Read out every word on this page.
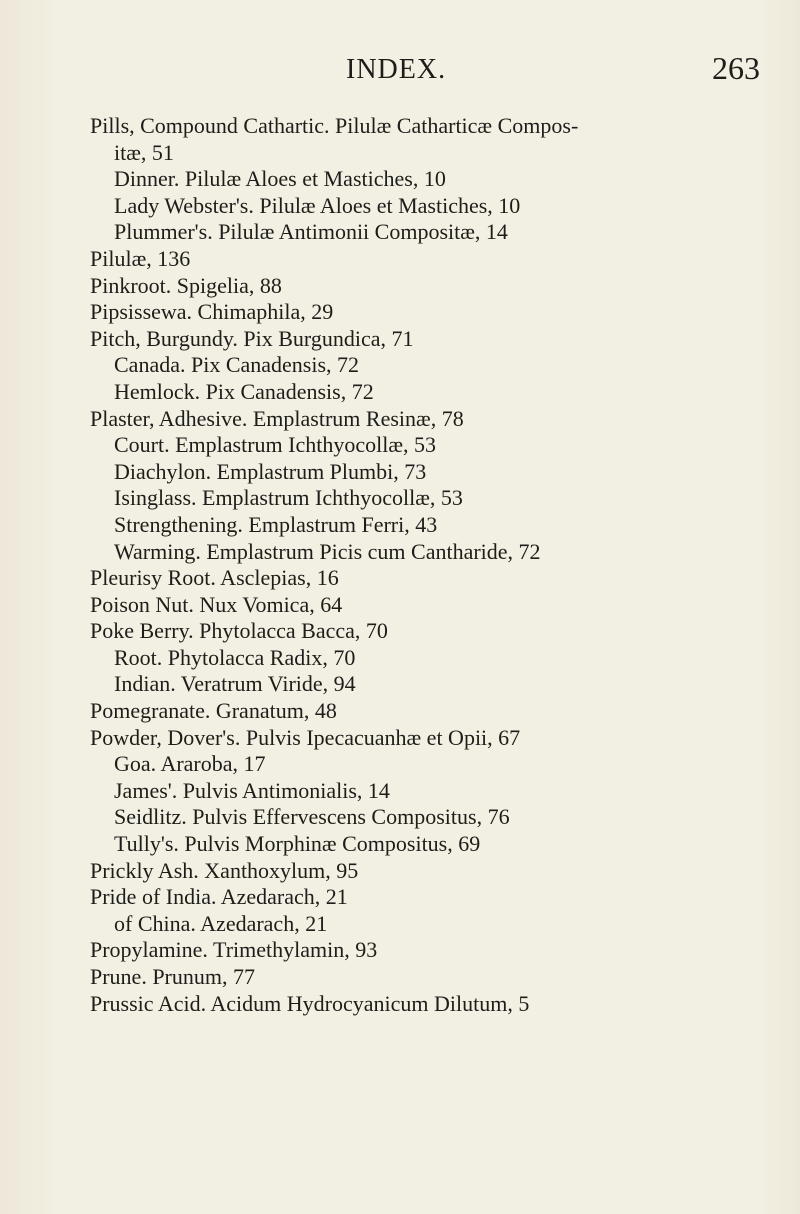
INDEX.	263
Pills, Compound Cathartic. Pilulæ Catharticæ Compos-
itæ, 51
Dinner. Pilulæ Aloes et Mastiches, 10
Lady Webster's. Pilulæ Aloes et Mastiches, 10
Plummer's. Pilulæ Antimonii Compositæ, 14
Pilulæ, 136
Pinkroot. Spigelia, 88
Pipsissewa. Chimaphila, 29
Pitch, Burgundy. Pix Burgundica, 71
Canada. Pix Canadensis, 72
Hemlock. Pix Canadensis, 72
Plaster, Adhesive. Emplastrum Resinæ, 78
Court. Emplastrum Ichthyocollæ, 53
Diachylon. Emplastrum Plumbi, 73
Isinglass. Emplastrum Ichthyocollæ, 53
Strengthening. Emplastrum Ferri, 43
Warming. Emplastrum Picis cum Cantharide, 72
Pleurisy Root. Asclepias, 16
Poison Nut. Nux Vomica, 64
Poke Berry. Phytolacca Bacca, 70
Root. Phytolacca Radix, 70
Indian. Veratrum Viride, 94
Pomegranate. Granatum, 48
Powder, Dover's. Pulvis Ipecacuanhæ et Opii, 67
Goa. Araroba, 17
James'. Pulvis Antimonialis, 14
Seidlitz. Pulvis Effervescens Compositus, 76
Tully's. Pulvis Morphinæ Compositus, 69
Prickly Ash. Xanthoxylum, 95
Pride of India. Azedarach, 21
of China. Azedarach, 21
Propylamine. Trimethylamin, 93
Prune. Prunum, 77
Prussic Acid. Acidum Hydrocyanicum Dilutum, 5
